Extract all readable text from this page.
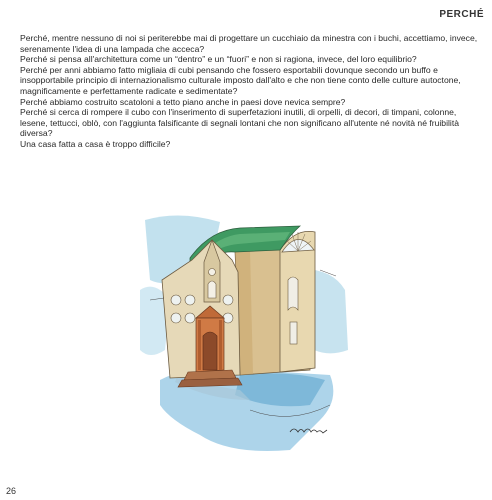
PERCHÉ

Perché, mentre nessuno di noi si periterebbe mai di progettare un cucchiaio da minestra con i buchi, accettiamo, invece, serenamente l'idea di una lampada che acceca?

Perché si pensa all'architettura come un “dentro” e un “fuori” e non si ragiona, invece, del loro equilibrio?

Perché per anni abbiamo fatto migliaia di cubi pensando che fossero esportabili dovunque secondo un buffo e insopportabile principio di internazionalismo culturale imposto dall'alto e che non tiene conto delle culture autoctone, magnificamente e perfettamente radicate e sedimentate?

Perché abbiamo costruito scatoloni a tetto piano anche in paesi dove nevica sempre?

Perché si cerca di rompere il cubo con l'inserimento di superfetazioni inutili, di orpelli, di decori, di timpani, colonne, lesene, tettucci, oblò, con l'aggiunta falsificante di segnali lontani che non significano all'utente né novità né fruibilità diversa?

Una casa fatta a casa è troppo difficile?

26
